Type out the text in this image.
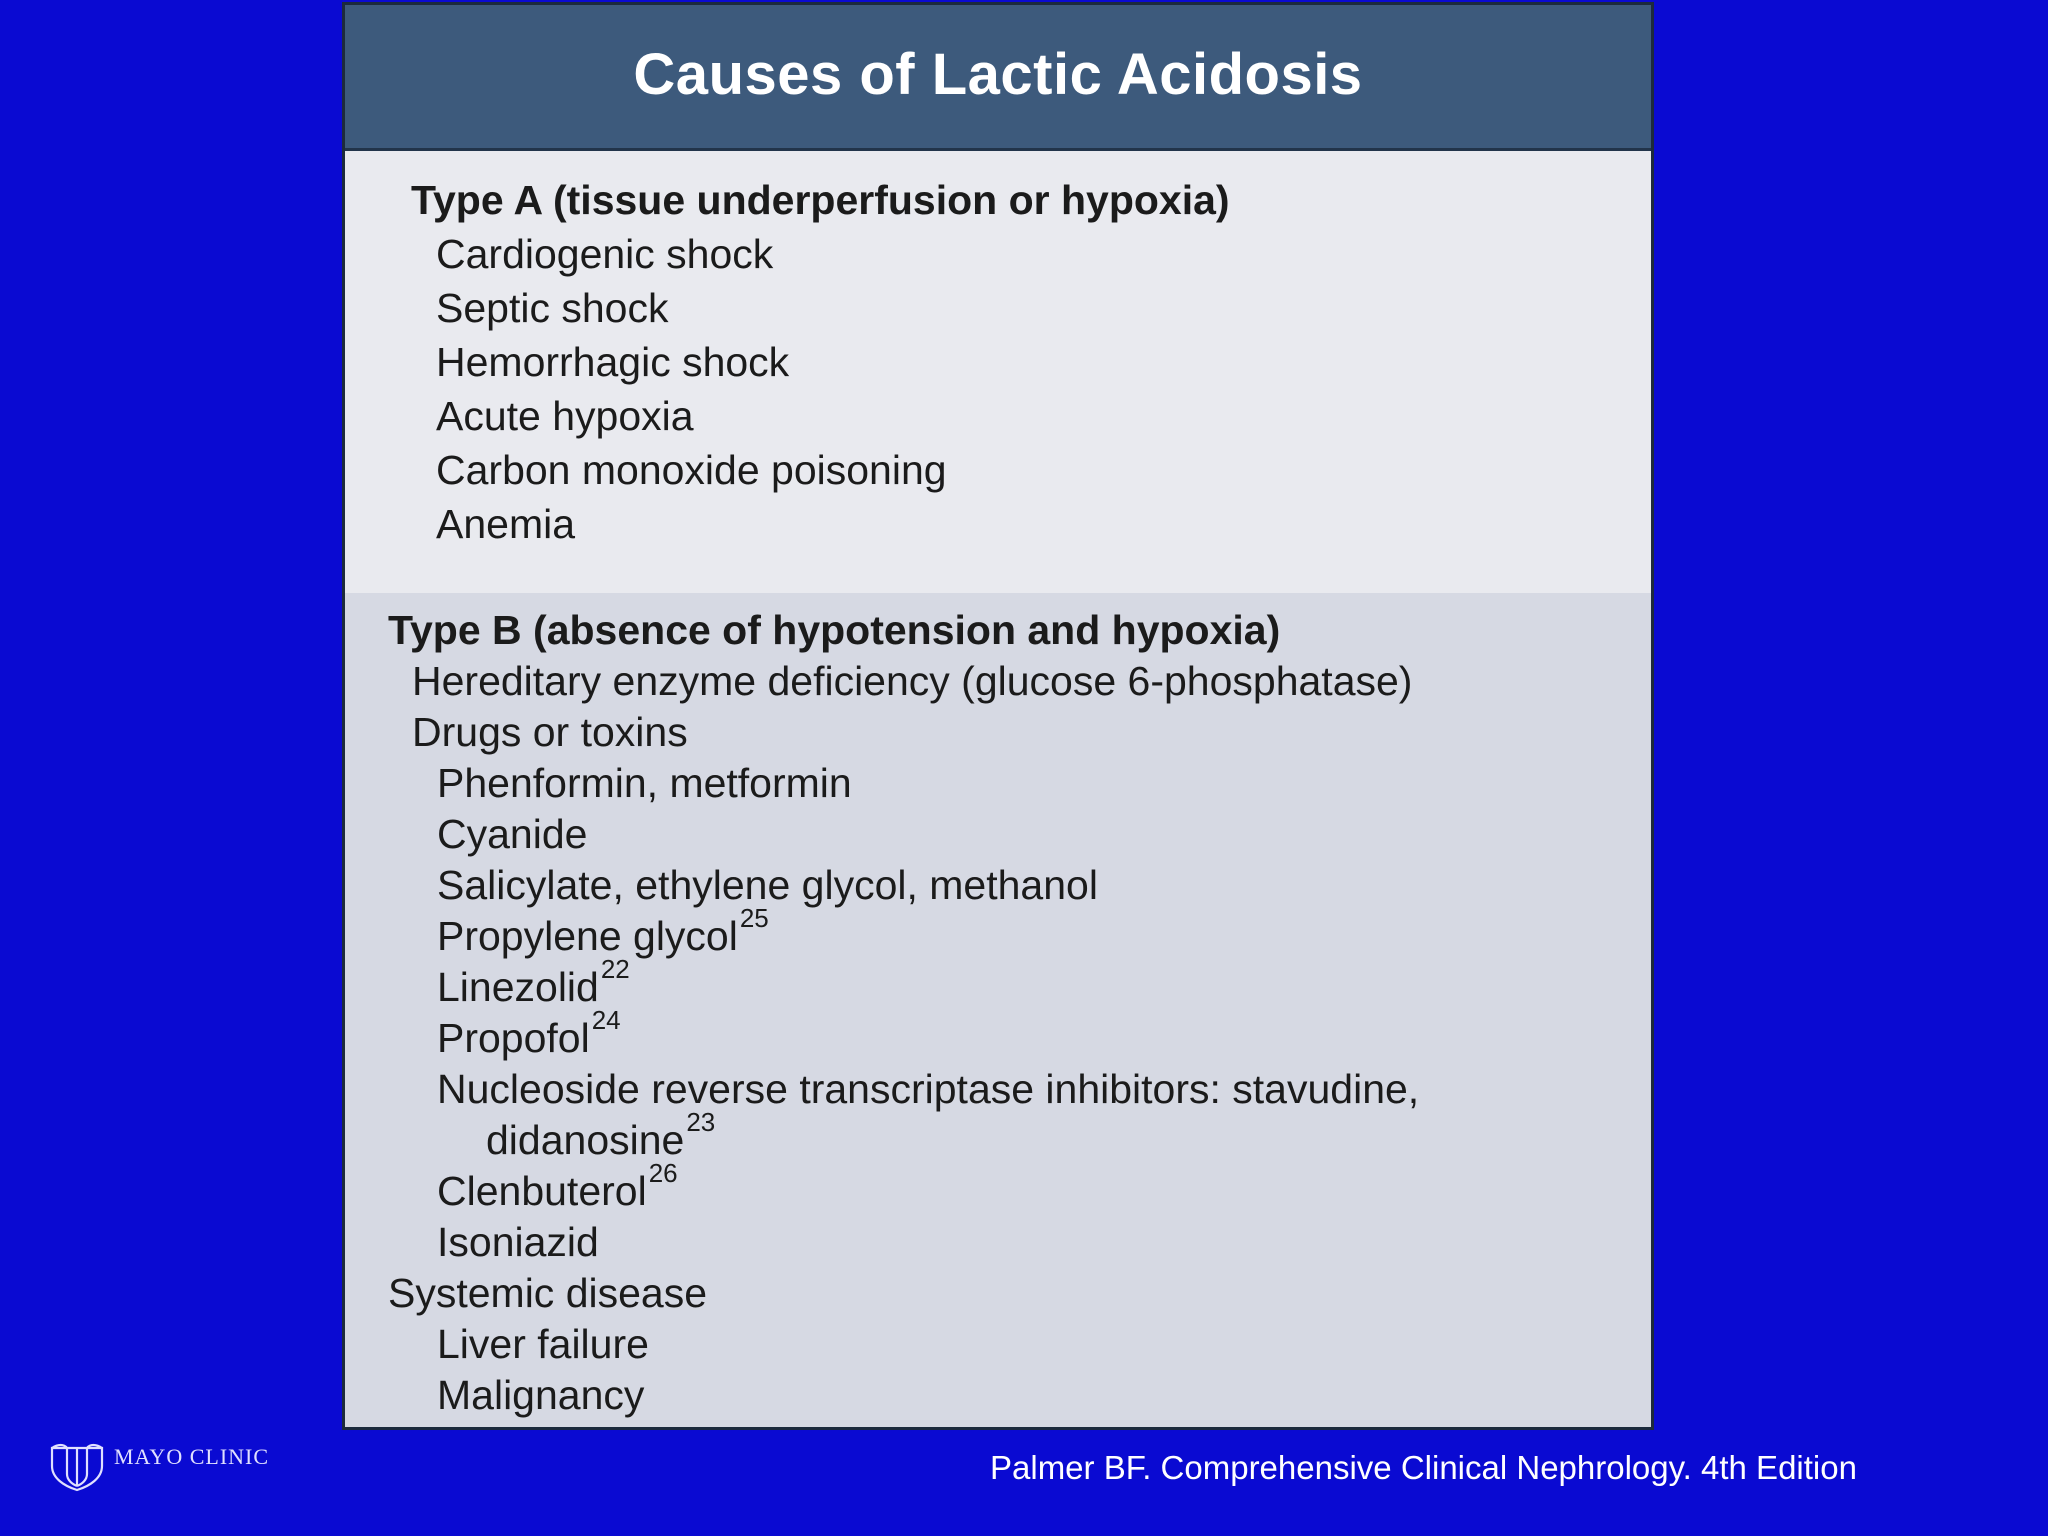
Causes of Lactic Acidosis
Type A (tissue underperfusion or hypoxia)
Cardiogenic shock
Septic shock
Hemorrhagic shock
Acute hypoxia
Carbon monoxide poisoning
Anemia
Type B (absence of hypotension and hypoxia)
Hereditary enzyme deficiency (glucose 6-phosphatase)
Drugs or toxins
Phenformin, metformin
Cyanide
Salicylate, ethylene glycol, methanol
Propylene glycol$^{25}$
Linezolid$^{22}$
Propofol$^{24}$
Nucleoside reverse transcriptase inhibitors: stavudine,
didanosine$^{23}$
Clenbuterol$^{26}$
Isoniazid
Systemic disease
Liver failure
Malignancy
MAYO CLINIC	Palmer BF. Comprehensive Clinical Nephrology. 4th Edition
